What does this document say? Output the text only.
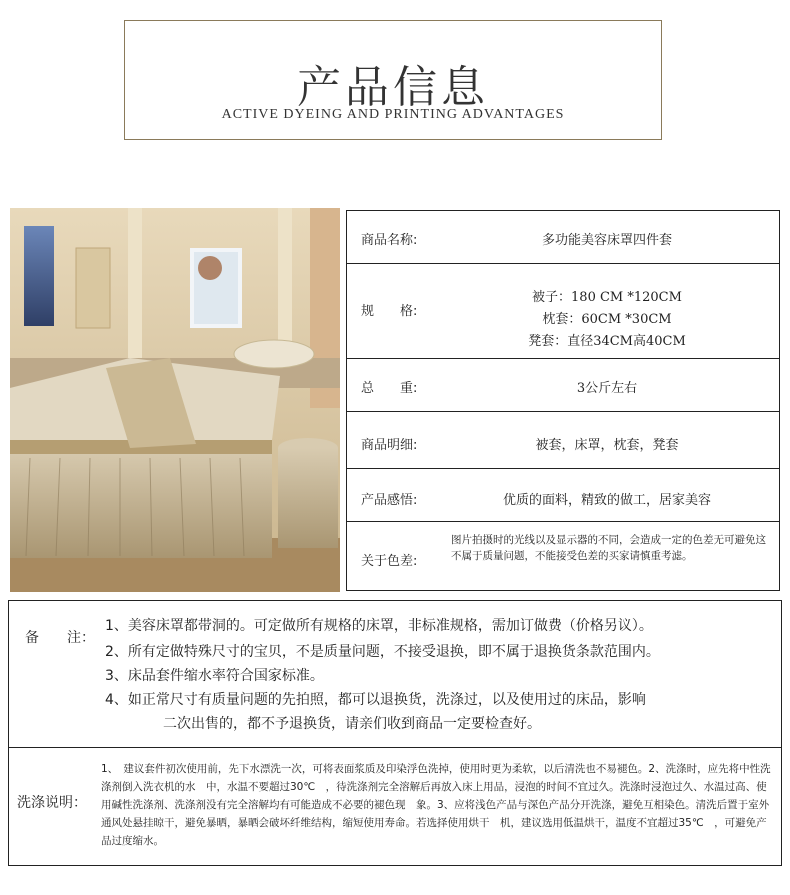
产品信息
ACTIVE DYEING AND PRINTING ADVANTAGES
商品名称:	多功能美容床罩四件套
规　　格:
被子：180 CM *120CM
枕套：60CM *30CM
凳套：直径34CM高40CM
总　　重:	3公斤左右
商品明细:	被套，床罩，枕套，凳套
产品感悟:	优质的面料，精致的做工，居家美容
关于色差:
图片拍摄时的光线以及显示器的不同，会造成一定的色差无可避免这不属于质量问题，不能接受色差的买家请慎重考滤。
备　　注：
1、美容床罩都带洞的。可定做所有规格的床罩，非标准规格，需加订做费（价格另议）。
2、所有定做特殊尺寸的宝贝，不是质量问题，不接受退换，即不属于退换货条款范围内。
3、床品套件缩水率符合国家标准。
4、如正常尺寸有质量问题的先拍照，都可以退换货，洗涤过，以及使用过的床品，影响
二次出售的，都不予退换货，请亲们收到商品一定要检查好。
洗涤说明：
1、　建议套件初次使用前，先下水漂洗一次，可将表面浆质及印染浮色洗掉，使用时更为柔软，以后清洗也不易褪色。2、洗涤时，应先将中性洗涤剂倒入洗衣机的水　中，水温不要超过30℃　，待洗涤剂完全溶解后再放入床上用品，浸泡的时间不宜过久。洗涤时浸泡过久、水温过高、使用碱性洗涤剂、洗涤剂没有完全溶解均有可能造成不必要的褪色现　象。3、应将浅色产品与深色产品分开洗涤，避免互相染色。清洗后置于室外通风处悬挂晾干，避免暴晒，暴晒会破坏纤维结构，缩短使用寿命。若选择使用烘干　机，建议选用低温烘干，温度不宜超过35℃　，可避免产品过度缩水。
